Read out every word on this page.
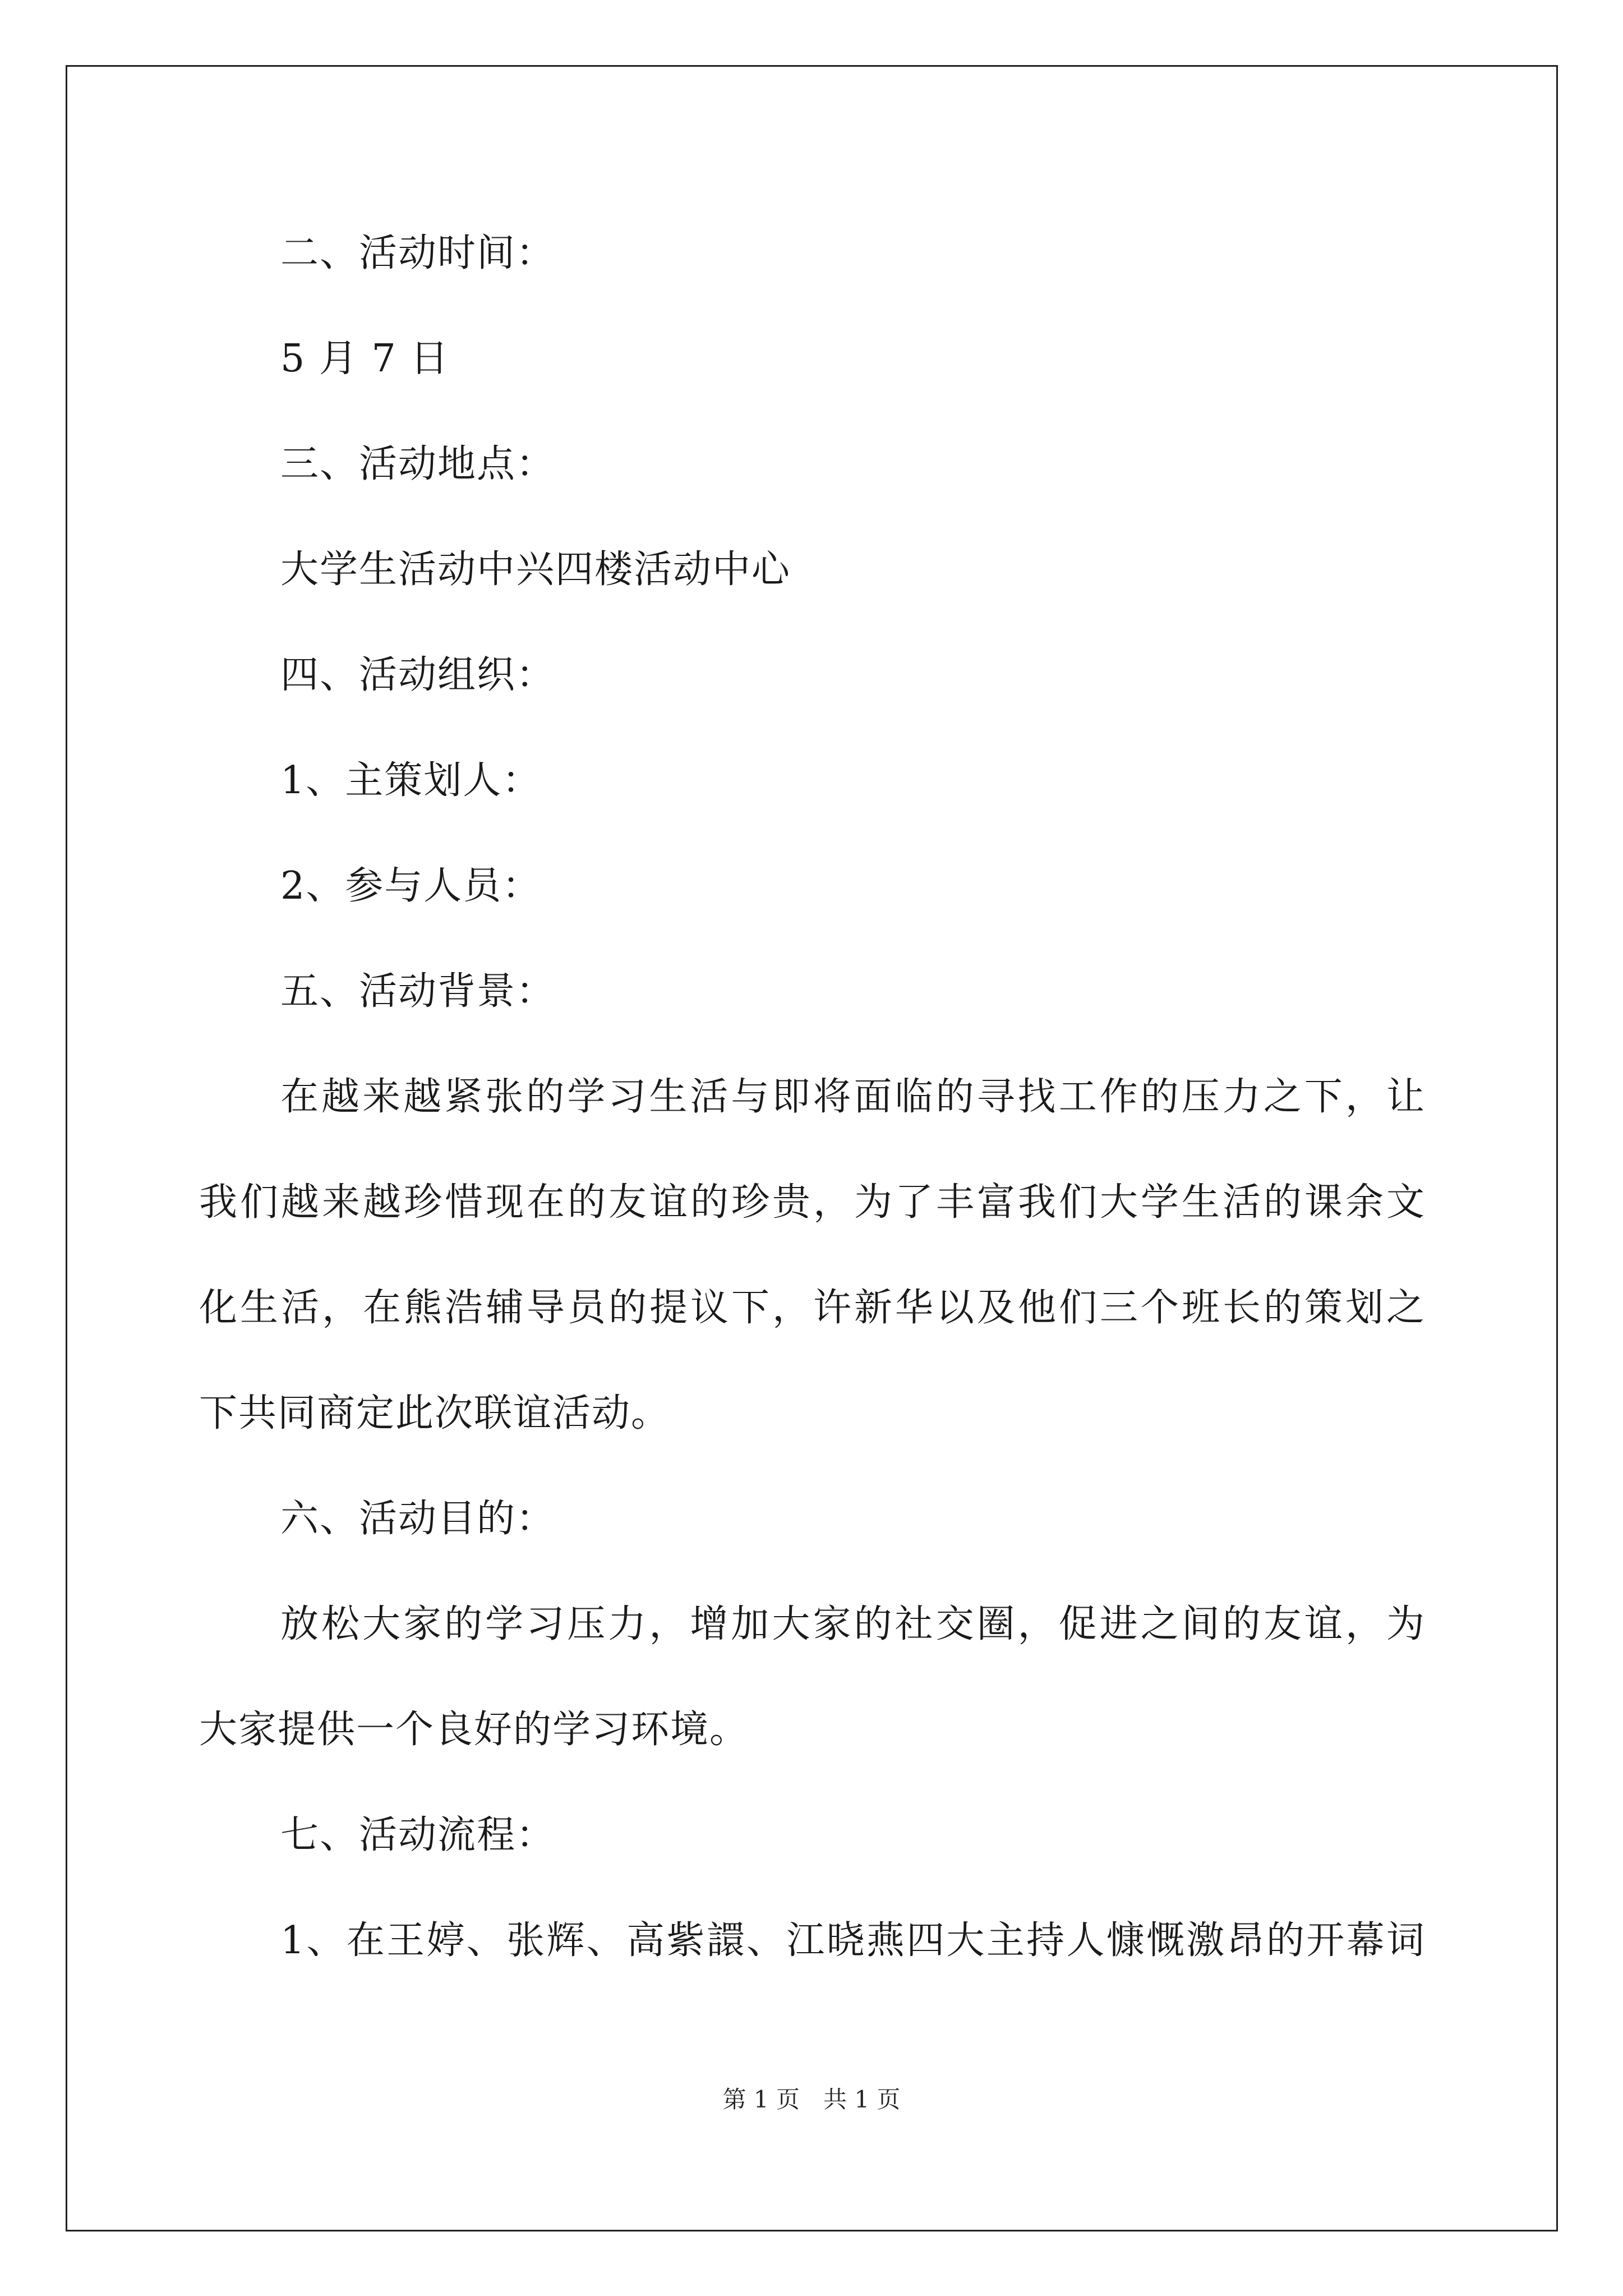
二、活动时间：
5 月 7 日
三、活动地点：
大学生活动中兴四楼活动中心
四、活动组织：
1、主策划人：
2、参与人员：
五、活动背景：
在越来越紧张的学习生活与即将面临的寻找工作的压力之下，让
我们越来越珍惜现在的友谊的珍贵，为了丰富我们大学生活的课余文
化生活，在熊浩辅导员的提议下，许新华以及他们三个班长的策划之
下共同商定此次联谊活动。
六、活动目的：
放松大家的学习压力，增加大家的社交圈，促进之间的友谊，为
大家提供一个良好的学习环境。
七、活动流程：
1、在王婷、张辉、高紫譞、江晓燕四大主持人慷慨激昂的开幕词
第 1 页　共 1 页
